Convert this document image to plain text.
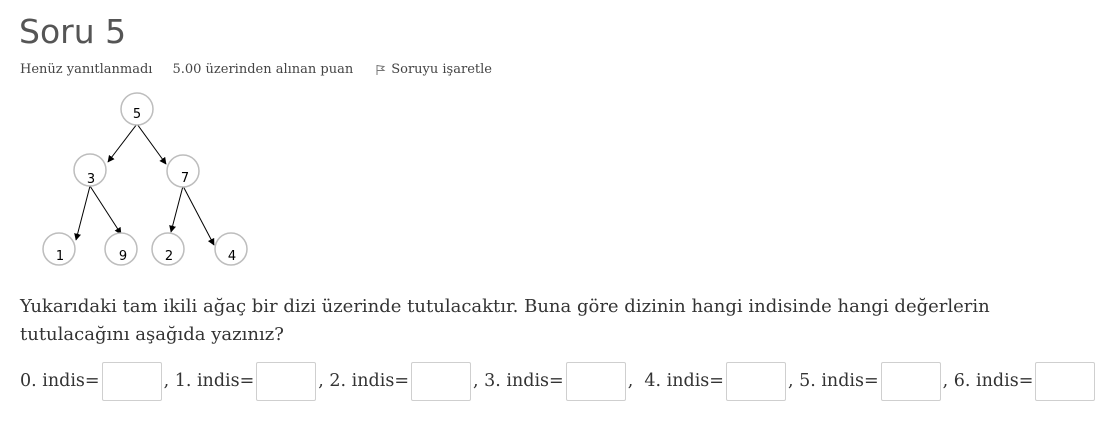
Soru 5
Henüz yanıtlanmadı 5.00 üzerinden alınan puan	Soruyu işaretle
5
3	7
1	9	2	4

Yukarıdaki tam ikili ağaç bir dizi üzerinde tutulacaktır. Buna göre dizinin hangi indisinde hangi değerlerin tutulacağını aşağıda yazınız?

0. indis=	, 1. indis=	, 2. indis=	, 3. indis=	,  4. indis=	, 5. indis=	, 6. indis=
